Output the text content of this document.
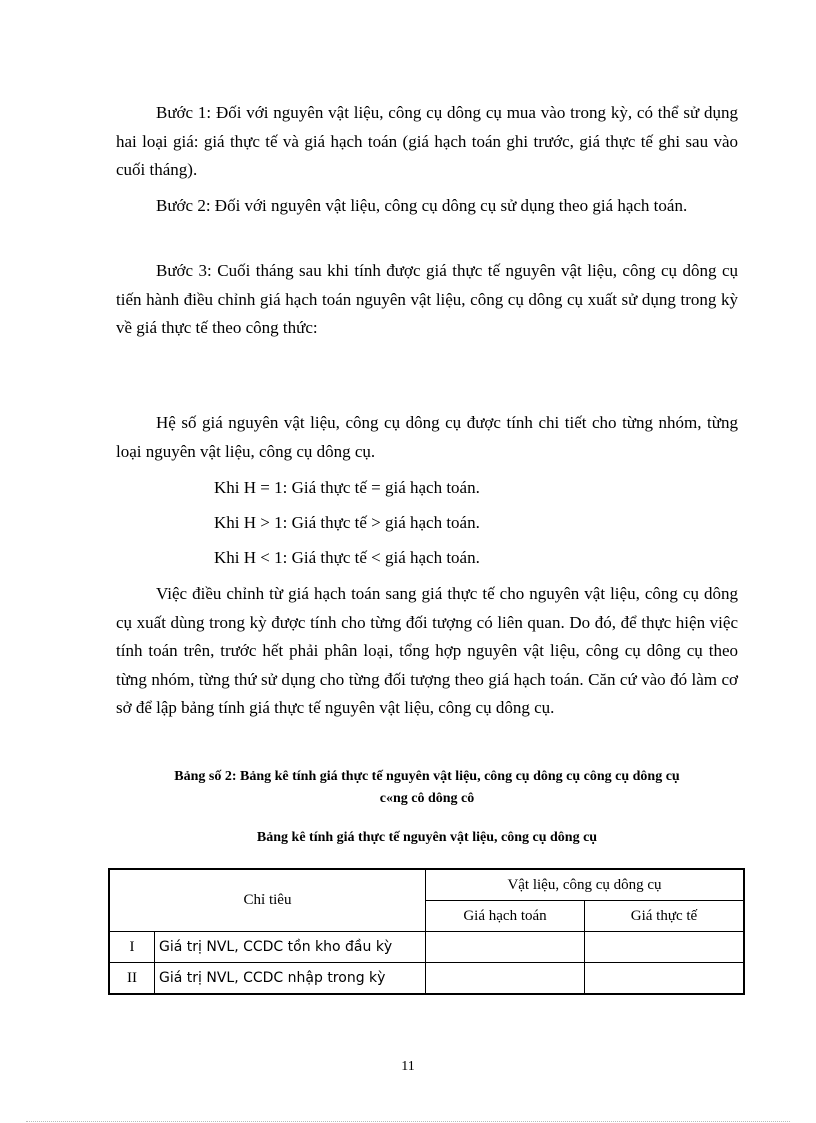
Bước 1: Đối với nguyên vật liệu, công cụ dông cụ mua vào trong kỳ, có thể sử dụng hai loại giá: giá thực tế và giá hạch toán (giá hạch toán ghi trước, giá thực tế ghi sau vào cuối tháng).
Bước 2: Đối với nguyên vật liệu, công cụ dông cụ sử dụng theo giá hạch toán.
Bước 3: Cuối tháng sau khi tính được giá thực tế nguyên vật liệu, công cụ dông cụ tiến hành điều chỉnh giá hạch toán nguyên vật liệu, công cụ dông cụ xuất sử dụng trong kỳ về giá thực tế theo công thức:
Hệ số giá nguyên vật liệu, công cụ dông cụ được tính chi tiết cho từng nhóm, từng loại nguyên vật liệu, công cụ dông cụ.
Khi H = 1: Giá thực tế = giá hạch toán.
Khi H > 1: Giá thực tế > giá hạch toán.
Khi H < 1: Giá thực tế < giá hạch toán.
Việc điều chỉnh từ giá hạch toán sang giá thực tế cho nguyên vật liệu, công cụ dông cụ xuất dùng trong kỳ được tính cho từng đối tượng có liên quan. Do đó, để thực hiện việc tính toán trên, trước hết phải phân loại, tổng hợp nguyên vật liệu, công cụ dông cụ theo từng nhóm, từng thứ sử dụng cho từng đối tượng theo giá hạch toán. Căn cứ vào đó làm cơ sở để lập bảng tính giá thực tế nguyên vật liệu, công cụ dông cụ.
Bảng số 2: Bảng kê tính giá thực tế nguyên vật liệu, công cụ dông cụ công cụ dông cụ
c«ng cô dông cô
Bảng kê tính giá thực tế nguyên vật liệu, công cụ dông cụ
Chỉ tiêu		Vật liệu, công cụ dông cụ	
		Giá hạch toán	Giá thực tế
I	Giá trị NVL, CCDC tồn kho đầu kỳ		
II	Giá trị NVL, CCDC nhập trong kỳ		
11
